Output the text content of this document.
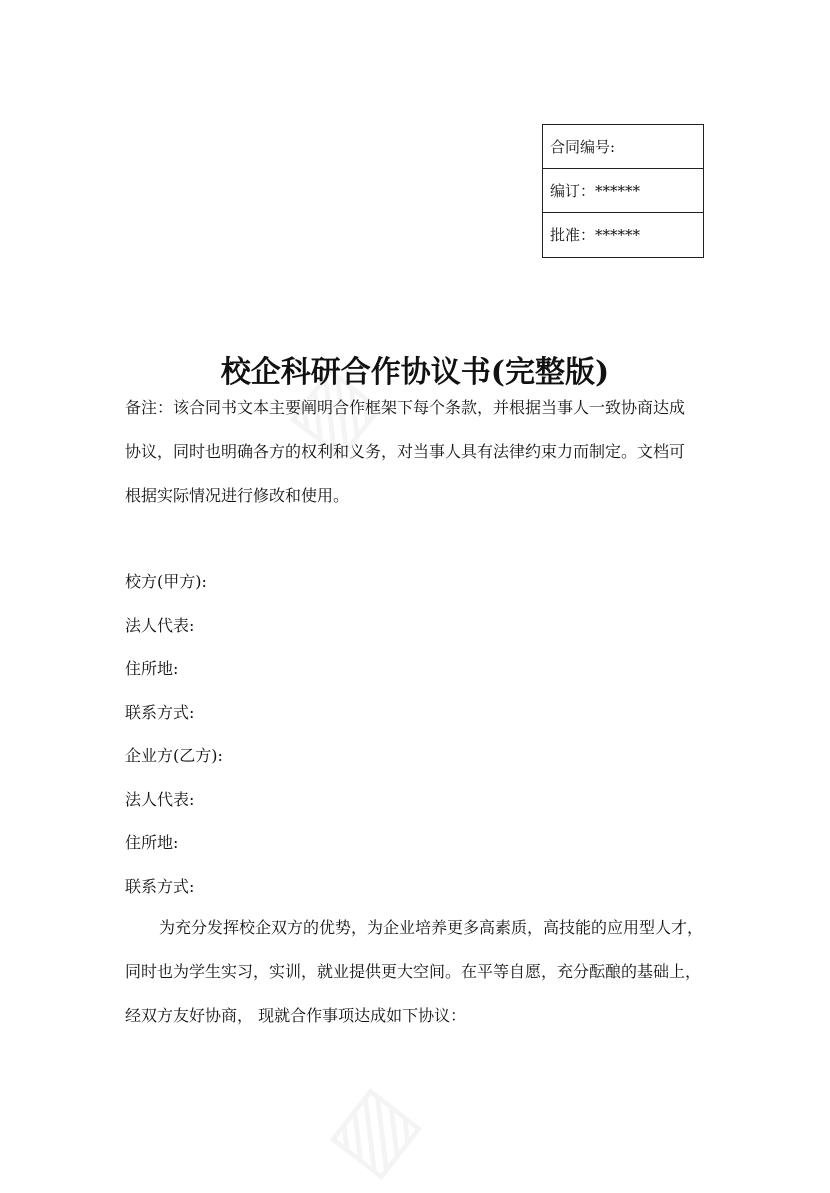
合同编号:
编订：******
批准：******
校企科研合作协议书(完整版)

备注：该合同书文本主要阐明合作框架下每个条款，并根据当事人一致协商达成
协议，同时也明确各方的权利和义务，对当事人具有法律约束力而制定。文档可
根据实际情况进行修改和使用。

校方(甲方):
法人代表:
住所地:
联系方式:
企业方(乙方):
法人代表:
住所地:
联系方式:

为充分发挥校企双方的优势，为企业培养更多高素质，高技能的应用型人才，
同时也为学生实习，实训，就业提供更大空间。在平等自愿，充分酝酿的基础上，
经双方友好协商， 现就合作事项达成如下协议：
